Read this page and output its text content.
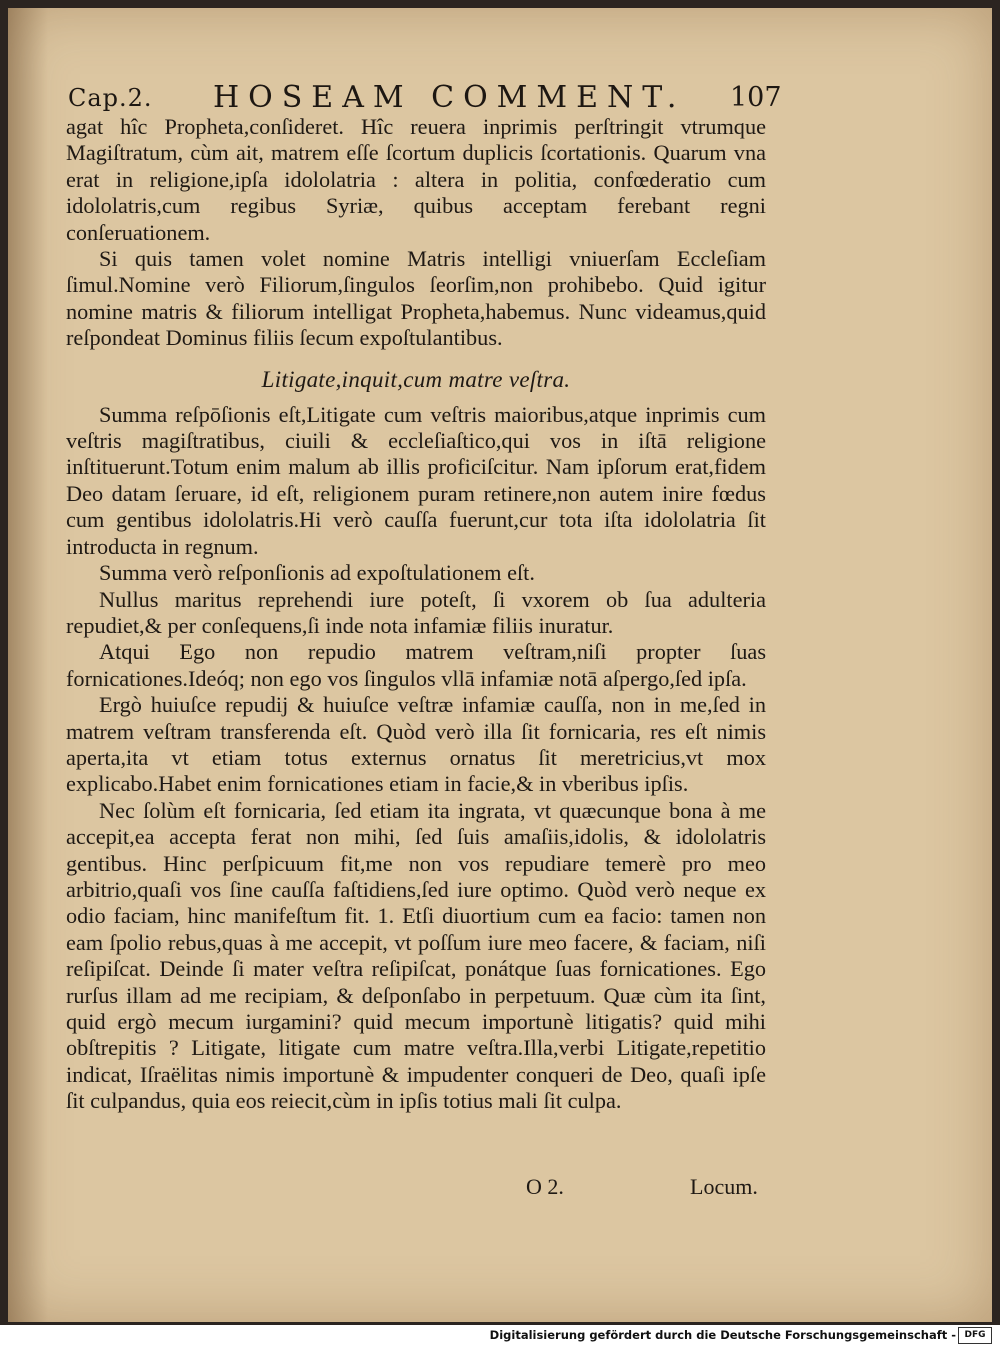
Cap.2. HOSEAM COMMENT. 107

agat hîc Propheta,conſideret. Hîc reuera inprimis perſtringit vtrumque Magiſtratum, cùm ait, matrem eſſe ſcortum duplicis ſcortationis. Quarum vna erat in religione,ipſa idololatria : altera in politia, confœderatio cum idololatris,cum regibus Syriæ, quibus acceptam ferebant regni conſeruationem.

Si quis tamen volet nomine Matris intelligi vniuerſam Eccleſiam ſimul.Nomine verò Filiorum,ſingulos ſeorſim,non prohibebo. Quid igitur nomine matris & filiorum intelligat Propheta,habemus. Nunc videamus,quid reſpondeat Dominus filiis ſecum expoſtulantibus.

Litigate,inquit,cum matre veſtra.

Summa reſpōſionis eſt,Litigate cum veſtris maioribus,atque inprimis cum veſtris magiſtratibus, ciuili & eccleſiaſtico,qui vos in iſtā religione inſtituerunt.Totum enim malum ab illis proficiſcitur. Nam ipſorum erat,fidem Deo datam ſeruare, id eſt, religionem puram retinere,non autem inire fœdus cum gentibus idololatris.Hi verò cauſſa fuerunt,cur tota iſta idololatria ſit introducta in regnum.

Summa verò reſponſionis ad expoſtulationem eſt.

Nullus maritus reprehendi iure poteſt, ſi vxorem ob ſua adulteria repudiet,& per conſequens,ſi inde nota infamiæ filiis inuratur.

Atqui Ego non repudio matrem veſtram,niſi propter ſuas fornicationes.Ideóq; non ego vos ſingulos vllā infamiæ notā aſpergo,ſed ipſa.

Ergò huiuſce repudij & huiuſce veſtræ infamiæ cauſſa, non in me,ſed in matrem veſtram transferenda eſt. Quòd verò illa ſit fornicaria, res eſt nimis aperta,ita vt etiam totus externus ornatus ſit meretricius,vt mox explicabo.Habet enim fornicationes etiam in facie,& in vberibus ipſis.

Nec ſolùm eſt fornicaria, ſed etiam ita ingrata, vt quæcunque bona à me accepit,ea accepta ferat non mihi, ſed ſuis amaſiis,idolis, & idololatris gentibus. Hinc perſpicuum fit,me non vos repudiare temerè pro meo arbitrio,quaſi vos ſine cauſſa faſtidiens,ſed iure optimo. Quòd verò neque ex odio faciam, hinc manifeſtum fit. 1. Etſi diuortium cum ea facio: tamen non eam ſpolio rebus,quas à me accepit, vt poſſum iure meo facere, & faciam, niſi reſipiſcat. Deinde ſi mater veſtra reſipiſcat, ponátque ſuas fornicationes. Ego rurſus illam ad me recipiam, & deſponſabo in perpetuum. Quæ cùm ita ſint, quid ergò mecum iurgamini? quid mecum importunè litigatis? quid mihi obſtrepitis ? Litigate, litigate cum matre veſtra.Illa,verbi Litigate,repetitio indicat, Iſraëlitas nimis importunè & impudenter conqueri de Deo, quaſi ipſe ſit culpandus, quia eos reiecit,cùm in ipſis totius mali ſit culpa.

O 2.	Locum.
Digitalisierung gefördert durch die Deutsche Forschungsgemeinschaft - DFG
